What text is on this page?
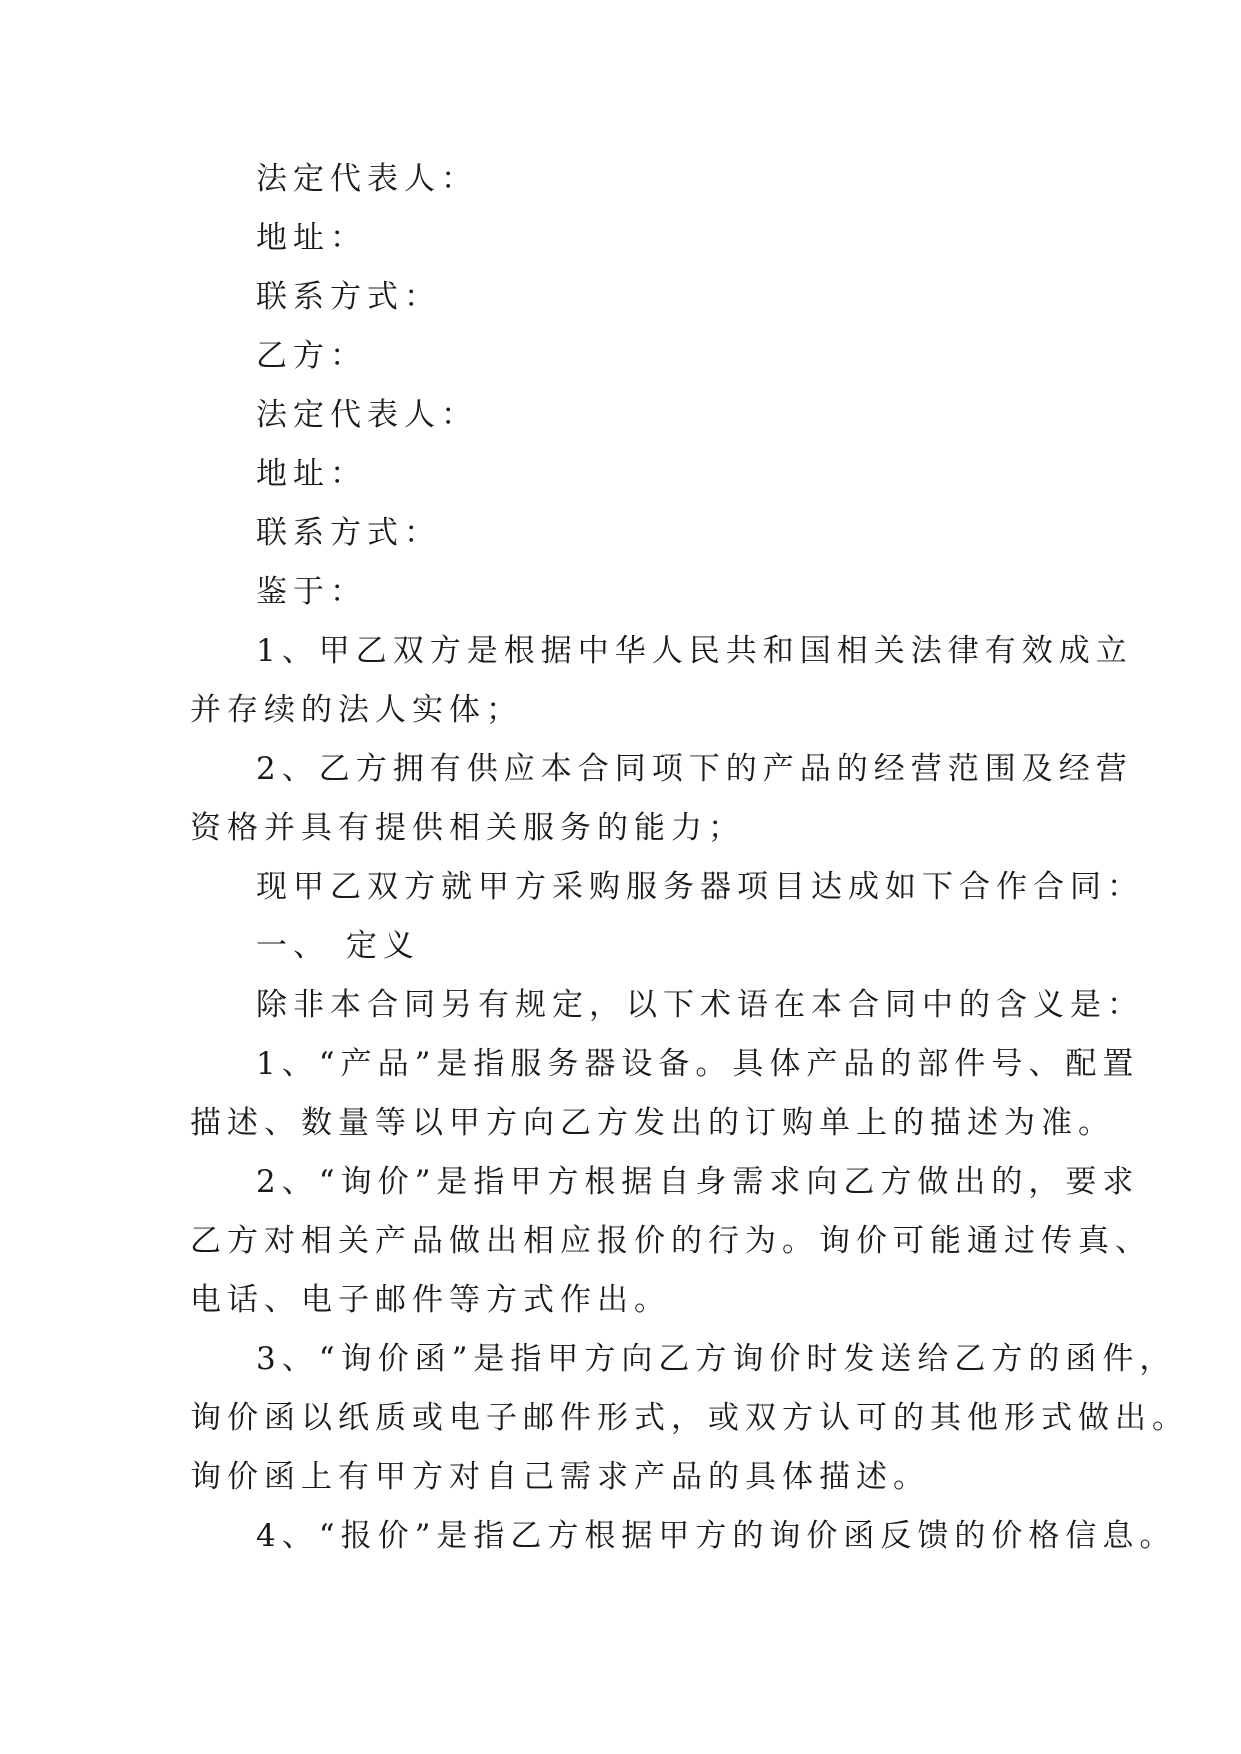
法定代表人：
地址：
联系方式：
乙方：
法定代表人：
地址：
联系方式：
鉴于：
1、甲乙双方是根据中华人民共和国相关法律有效成立
并存续的法人实体；
2、乙方拥有供应本合同项下的产品的经营范围及经营
资格并具有提供相关服务的能力；
现甲乙双方就甲方采购服务器项目达成如下合作合同：
一、 定义
除非本合同另有规定，以下术语在本合同中的含义是：
1、“产品”是指服务器设备。具体产品的部件号、配置
描述、数量等以甲方向乙方发出的订购单上的描述为准。
2、“询价”是指甲方根据自身需求向乙方做出的，要求
乙方对相关产品做出相应报价的行为。询价可能通过传真、
电话、电子邮件等方式作出。
3、“询价函”是指甲方向乙方询价时发送给乙方的函件，
询价函以纸质或电子邮件形式，或双方认可的其他形式做出。
询价函上有甲方对自己需求产品的具体描述。
4、“报价”是指乙方根据甲方的询价函反馈的价格信息。
